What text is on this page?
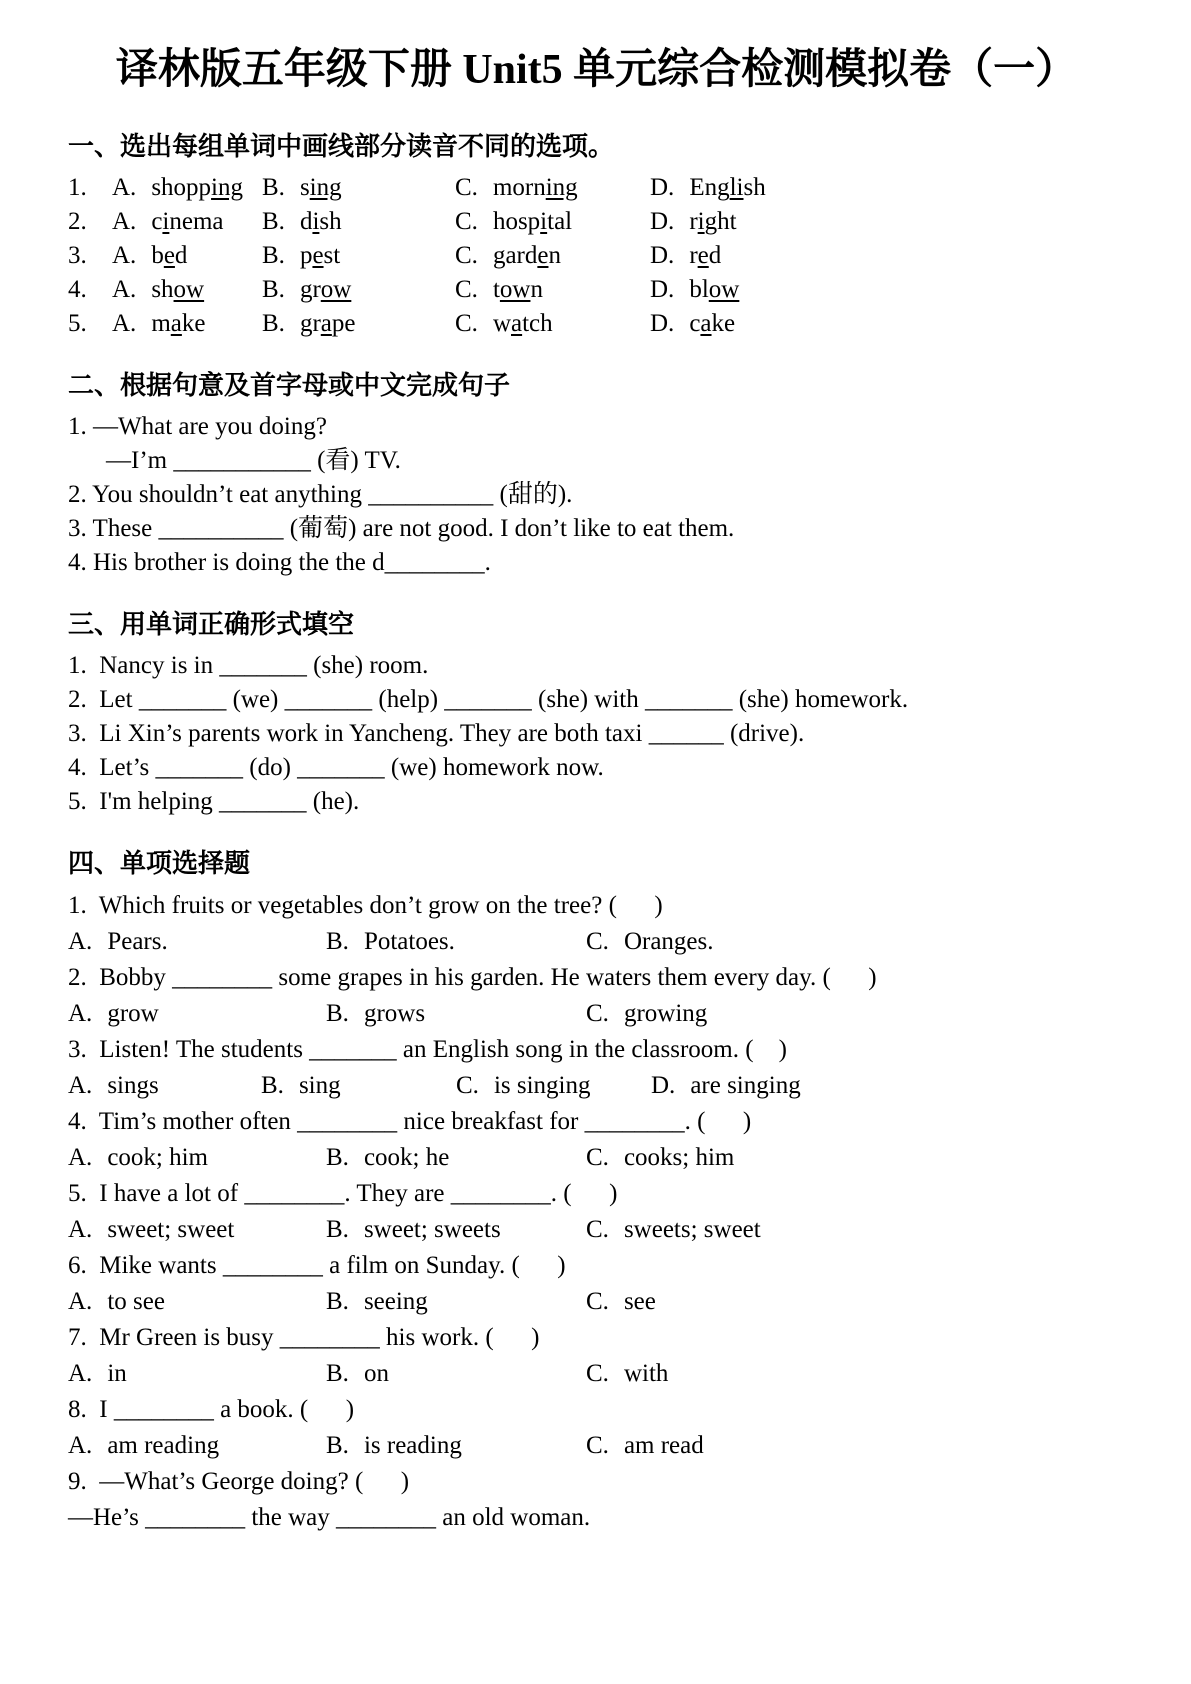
译林版五年级下册 Unit5 单元综合检测模拟卷（一）
一、选出每组单词中画线部分读音不同的选项。
1.	A. shopping B. sing	C. morning	D. English
2.	A. cinema	B. dish	C. hospital	D. right
3.	A. bed	B. pest	C. garden	D. red
4.	A. show	B. grow	C. town	D. blow
5.	A. make	B. grape	C. watch	D. cake
二、根据句意及首字母或中文完成句子
1. —What are you doing?
—I’m ___________ (看) TV.
2. You shouldn’t eat anything __________ (甜的).
3. These __________ (葡萄) are not good. I don’t like to eat them.
4. His brother is doing the the d________.
三、用单词正确形式填空
1.  Nancy is in _______ (she) room.
2.  Let _______ (we) _______ (help) _______ (she) with _______ (she) homework.
3.  Li Xin’s parents work in Yancheng. They are both taxi ______ (drive).
4.  Let’s _______ (do) _______ (we) homework now.
5.  I'm helping _______ (he).
四、单项选择题
1.  Which fruits or vegetables don’t grow on the tree? (      )
A. Pears.	B. Potatoes.	C. Oranges.
2.  Bobby ________ some grapes in his garden. He waters them every day. (      )
A. grow	B. grows	C. growing
3.  Listen! The students _______ an English song in the classroom. (    )
A. sings	B. sing	C. is singing	D. are singing
4.  Tim’s mother often ________ nice breakfast for ________. (      )
A. cook; him	B. cook; he	C. cooks; him
5.  I have a lot of ________. They are ________. (      )
A. sweet; sweet	B. sweet; sweets	C. sweets; sweet
6.  Mike wants ________ a film on Sunday. (      )
A. to see	B. seeing	C. see
7.  Mr Green is busy ________ his work. (      )
A. in	B. on	C. with
8.  I ________ a book. (      )
A. am reading	B. is reading	C. am read
9.  —What’s George doing? (      )
—He’s ________ the way ________ an old woman.
